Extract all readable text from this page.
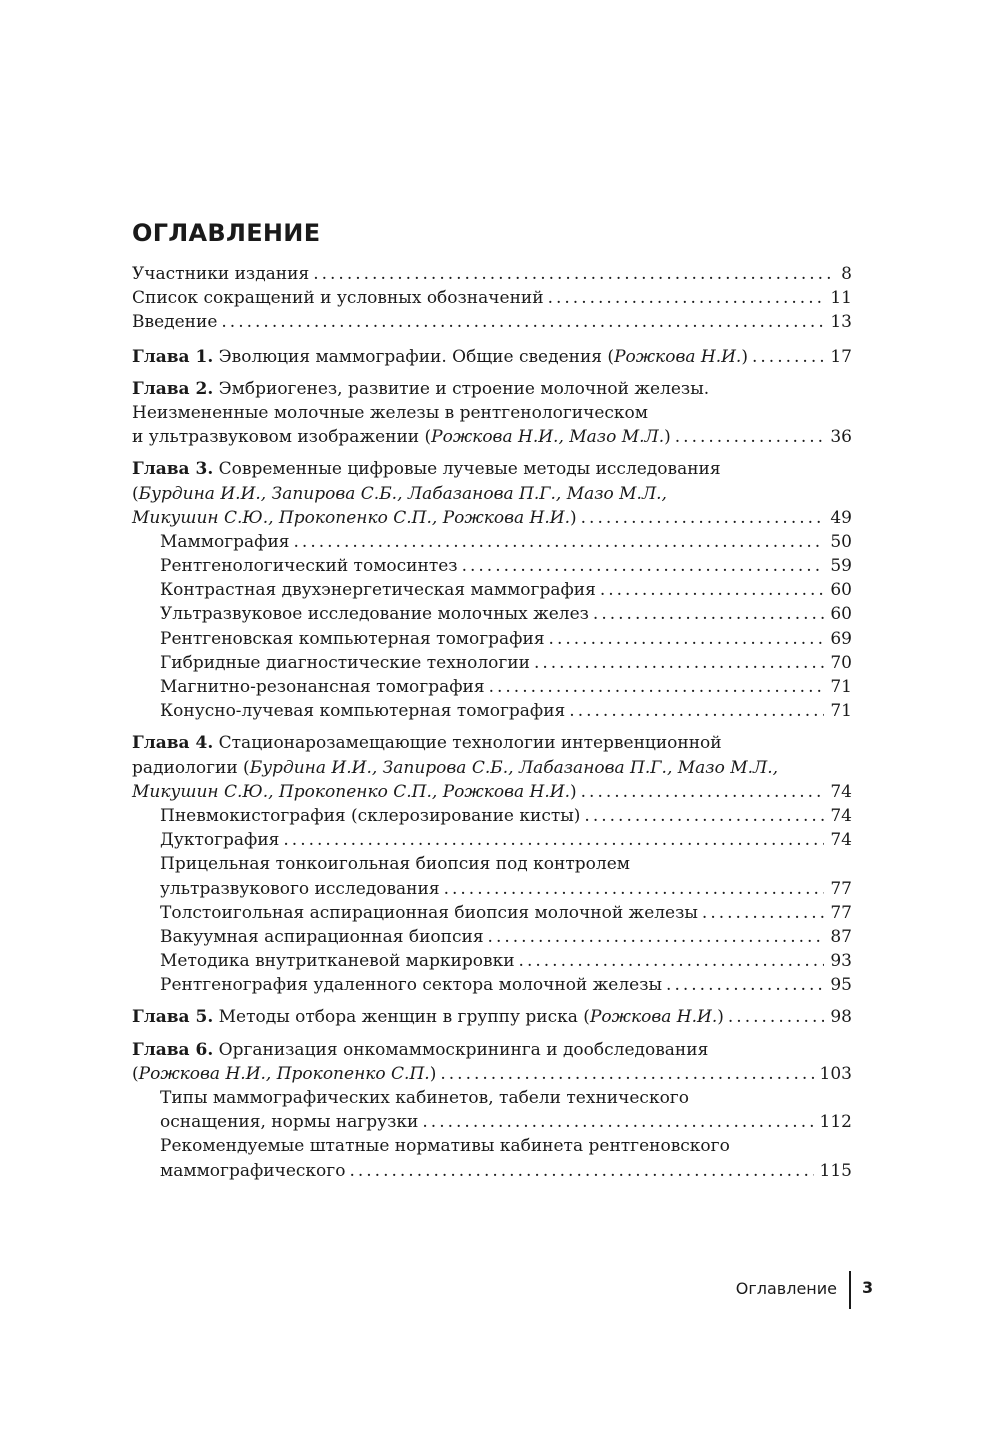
ОГЛАВЛЕНИЕ
Участники издания . . .	8
Список сокращений и условных обозначений . . .	11
Введение . . .	13
Глава 1. Эволюция маммографии. Общие сведения (Рожкова Н.И.) . . .	17
Глава 2. Эмбриогенез, развитие и строение молочной железы.
Неизмененные молочные железы в рентгенологическом
и ультразвуковом изображении (Рожкова Н.И., Мазо М.Л.) . . .	36
Глава 3. Современные цифровые лучевые методы исследования
(Бурдина И.И., Запирова С.Б., Лабазанова П.Г., Мазо М.Л.,
Микушин С.Ю., Прокопенко С.П., Рожкова Н.И.) . . .	49
Маммография . . .	50
Рентгенологический томосинтез . . .	59
Контрастная двухэнергетическая маммография . . .	60
Ультразвуковое исследование молочных желез . . .	60
Рентгеновская компьютерная томография . . .	69
Гибридные диагностические технологии . . .	70
Магнитно-резонансная томография . . .	71
Конусно-лучевая компьютерная томография . . .	71
Глава 4. Стационарозамещающие технологии интервенционной
радиологии (Бурдина И.И., Запирова С.Б., Лабазанова П.Г., Мазо М.Л.,
Микушин С.Ю., Прокопенко С.П., Рожкова Н.И.) . . .	74
Пневмокистография (склерозирование кисты) . . .	74
Дуктография . . .	74
Прицельная тонкоигольная биопсия под контролем
ультразвукового исследования . . .	77
Толстоигольная аспирационная биопсия молочной железы . . .	77
Вакуумная аспирационная биопсия . . .	87
Методика внутритканевой маркировки . . .	93
Рентгенография удаленного сектора молочной железы . . .	95
Глава 5. Методы отбора женщин в группу риска (Рожкова Н.И.) . . .	98
Глава 6. Организация онкомаммоскрининга и дообследования
(Рожкова Н.И., Прокопенко С.П.) . . .	103
Типы маммографических кабинетов, табели технического
оснащения, нормы нагрузки . . .	112
Рекомендуемые штатные нормативы кабинета рентгеновского
маммографического . . .	115
Оглавление 3
